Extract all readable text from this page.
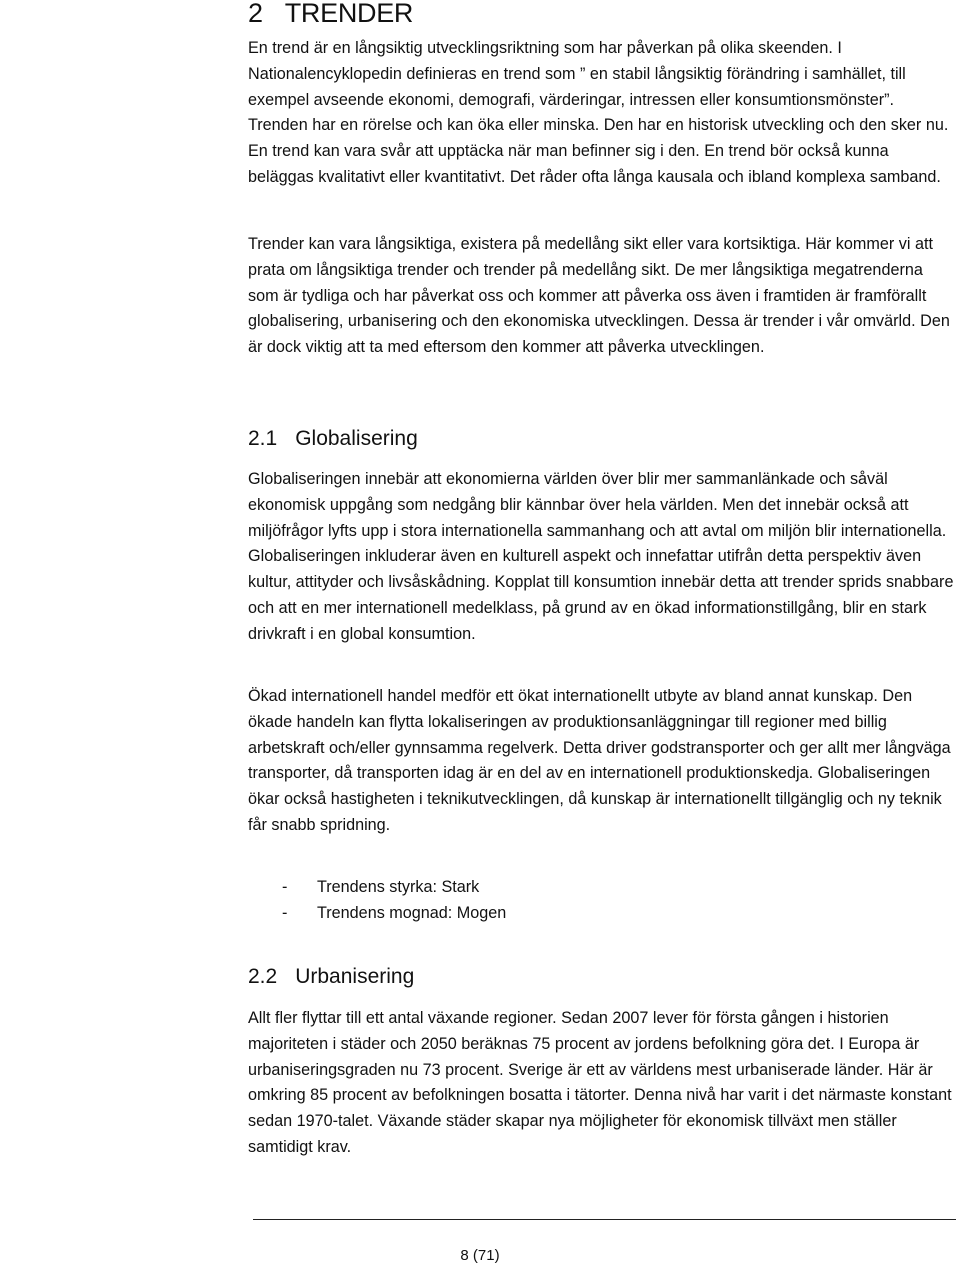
2 TRENDER

En trend är en långsiktig utvecklingsriktning som har påverkan på olika skeenden. I Nationalencyklopedin definieras en trend som ” en stabil långsiktig förändring i samhället, till exempel avseende ekonomi, demografi, värderingar, intressen eller konsumtionsmönster”. Trenden har en rörelse och kan öka eller minska. Den har en historisk utveckling och den sker nu. En trend kan vara svår att upptäcka när man befinner sig i den. En trend bör också kunna beläggas kvalitativt eller kvantitativt. Det råder ofta långa kausala och ibland komplexa samband.

Trender kan vara långsiktiga, existera på medellång sikt eller vara kortsiktiga. Här kommer vi att prata om långsiktiga trender och trender på medellång sikt. De mer långsiktiga megatrenderna som är tydliga och har påverkat oss och kommer att påverka oss även i framtiden är framförallt globalisering, urbanisering och den ekonomiska utvecklingen. Dessa är trender i vår omvärld. Den är dock viktig att ta med eftersom den kommer att påverka utvecklingen.

2.1 Globalisering

Globaliseringen innebär att ekonomierna världen över blir mer sammanlänkade och såväl ekonomisk uppgång som nedgång blir kännbar över hela världen. Men det innebär också att miljöfrågor lyfts upp i stora internationella sammanhang och att avtal om miljön blir internationella. Globaliseringen inkluderar även en kulturell aspekt och innefattar utifrån detta perspektiv även kultur, attityder och livsåskådning. Kopplat till konsumtion innebär detta att trender sprids snabbare och att en mer internationell medelklass, på grund av en ökad informationstillgång, blir en stark drivkraft i en global konsumtion.

Ökad internationell handel medför ett ökat internationellt utbyte av bland annat kunskap. Den ökade handeln kan flytta lokaliseringen av produktionsanläggningar till regioner med billig arbetskraft och/eller gynnsamma regelverk. Detta driver godstransporter och ger allt mer långväga transporter, då transporten idag är en del av en internationell produktionskedja. Globaliseringen ökar också hastigheten i teknikutvecklingen, då kunskap är internationellt tillgänglig och ny teknik får snabb spridning.

- Trendens styrka: Stark
- Trendens mognad: Mogen
2.2 Urbanisering

Allt fler flyttar till ett antal växande regioner. Sedan 2007 lever för första gången i historien majoriteten i städer och 2050 beräknas 75 procent av jordens befolkning göra det. I Europa är urbaniseringsgraden nu 73 procent. Sverige är ett av världens mest urbaniserade länder. Här är omkring 85 procent av befolkningen bosatta i tätorter. Denna nivå har varit i det närmaste konstant sedan 1970-talet. Växande städer skapar nya möjligheter för ekonomisk tillväxt men ställer samtidigt krav.

8 (71)
